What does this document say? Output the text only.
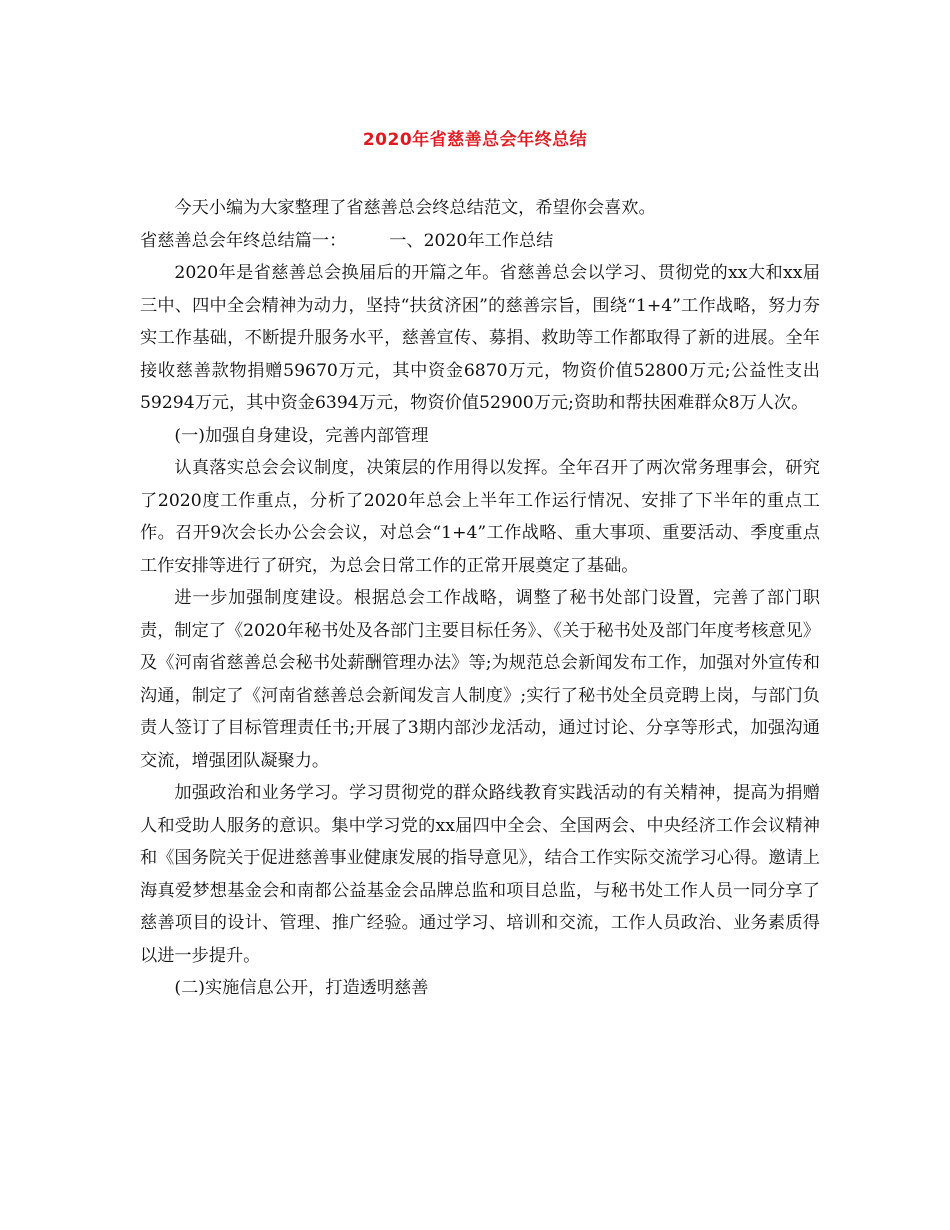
2020年省慈善总会年终总结
今天小编为大家整理了省慈善总会终总结范文，希望你会喜欢。
省慈善总会年终总结篇一：　　　一、2020年工作总结
2020年是省慈善总会换届后的开篇之年。省慈善总会以学习、贯彻党的xx大和xx届三中、四中全会精神为动力，坚持“扶贫济困”的慈善宗旨，围绕“1+4”工作战略，努力夯实工作基础，不断提升服务水平，慈善宣传、募捐、救助等工作都取得了新的进展。全年接收慈善款物捐赠59670万元，其中资金6870万元，物资价值52800万元;公益性支出59294万元，其中资金6394万元，物资价值52900万元;资助和帮扶困难群众8万人次。
(一)加强自身建设，完善内部管理
认真落实总会会议制度，决策层的作用得以发挥。全年召开了两次常务理事会，研究了2020度工作重点，分析了2020年总会上半年工作运行情况、安排了下半年的重点工作。召开9次会长办公会会议，对总会“1+4”工作战略、重大事项、重要活动、季度重点工作安排等进行了研究，为总会日常工作的正常开展奠定了基础。
进一步加强制度建设。根据总会工作战略，调整了秘书处部门设置，完善了部门职责，制定了《2020年秘书处及各部门主要目标任务》、《关于秘书处及部门年度考核意见》及《河南省慈善总会秘书处薪酬管理办法》等;为规范总会新闻发布工作，加强对外宣传和沟通，制定了《河南省慈善总会新闻发言人制度》;实行了秘书处全员竞聘上岗，与部门负责人签订了目标管理责任书;开展了3期内部沙龙活动，通过讨论、分享等形式，加强沟通交流，增强团队凝聚力。
加强政治和业务学习。学习贯彻党的群众路线教育实践活动的有关精神，提高为捐赠人和受助人服务的意识。集中学习党的xx届四中全会、全国两会、中央经济工作会议精神和《国务院关于促进慈善事业健康发展的指导意见》，结合工作实际交流学习心得。邀请上海真爱梦想基金会和南都公益基金会品牌总监和项目总监，与秘书处工作人员一同分享了慈善项目的设计、管理、推广经验。通过学习、培训和交流，工作人员政治、业务素质得以进一步提升。
(二)实施信息公开，打造透明慈善
